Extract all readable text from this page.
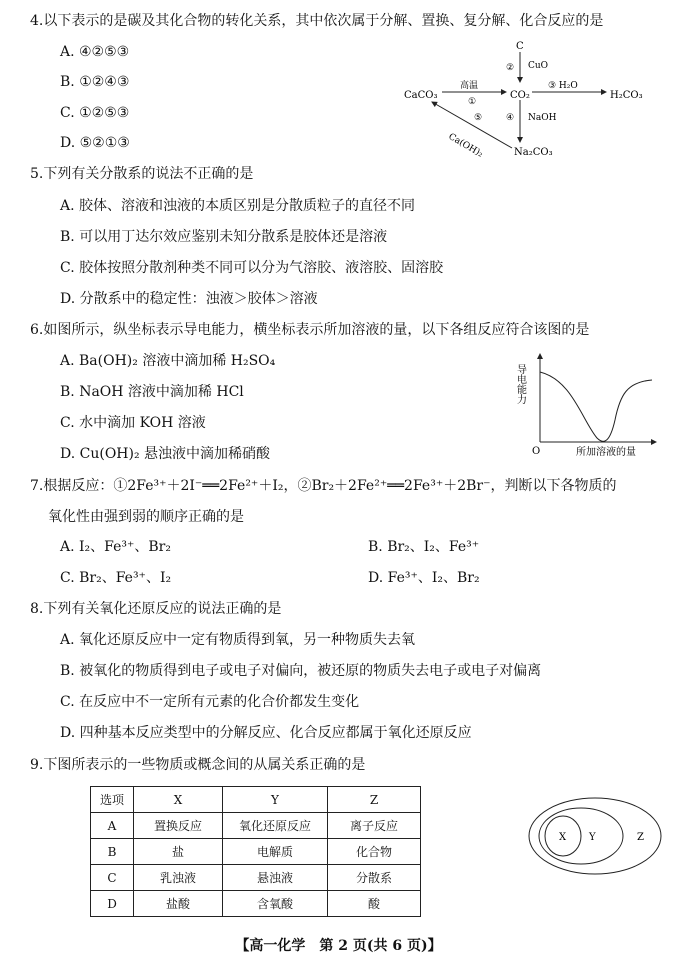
4.以下表示的是碳及其化合物的转化关系，其中依次属于分解、置换、复分解、化合反应的是
A. ④②⑤③
B. ①②④③
C. ①②⑤③
D. ⑤②①③
C
② CuO
CaCO₃
高温
①
CO₂
③ H₂O
H₂CO₃
④ NaOH
Na₂CO₃
⑤
Ca(OH)₂
5.下列有关分散系的说法不正确的是
A. 胶体、溶液和浊液的本质区别是分散质粒子的直径不同
B. 可以用丁达尔效应鉴别未知分散系是胶体还是溶液
C. 胶体按照分散剂种类不同可以分为气溶胶、液溶胶、固溶胶
D. 分散系中的稳定性：浊液＞胶体＞溶液
6.如图所示，纵坐标表示导电能力，横坐标表示所加溶液的量，以下各组反应符合该图的是
A. Ba(OH)₂ 溶液中滴加稀 H₂SO₄
B. NaOH 溶液中滴加稀 HCl
C. 水中滴加 KOH 溶液
D. Cu(OH)₂ 悬浊液中滴加稀硝酸	O	所加溶液的量
导电能力
7.根据反应：①2Fe³⁺＋2I⁻══2Fe²⁺＋I₂，②Br₂＋2Fe²⁺══2Fe³⁺＋2Br⁻，判断以下各物质的
氧化性由强到弱的顺序正确的是
A. I₂、Fe³⁺、Br₂	B. Br₂、I₂、Fe³⁺
C. Br₂、Fe³⁺、I₂	D. Fe³⁺、I₂、Br₂
8.下列有关氧化还原反应的说法正确的是
A. 氧化还原反应中一定有物质得到氧，另一种物质失去氧
B. 被氧化的物质得到电子或电子对偏向，被还原的物质失去电子或电子对偏离
C. 在反应中不一定所有元素的化合价都发生变化
D. 四种基本反应类型中的分解反应、化合反应都属于氧化还原反应
9.下图所表示的一些物质或概念间的从属关系正确的是
选项	X	Y	Z
A	置换反应	氧化还原反应	离子反应
B	盐	电解质	化合物
C	乳浊液	悬浊液	分散系
D	盐酸	含氧酸	酸
X Y	Z
【高一化学　第 2 页(共 6 页)】
